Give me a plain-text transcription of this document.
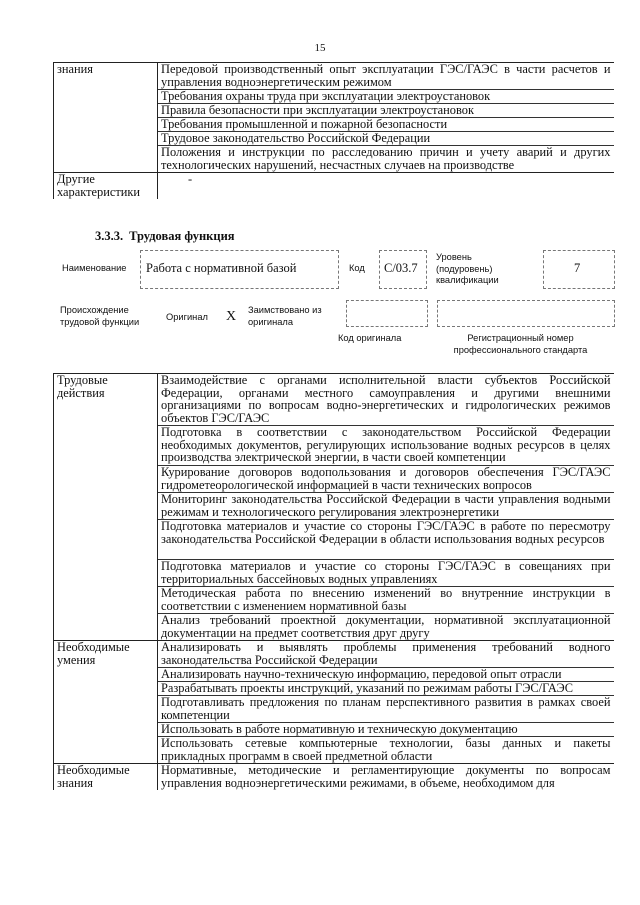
15
знания	Передовой производственный опыт эксплуатации ГЭС/ГАЭС в части расчетов и управления водноэнергетическим режимом
	Требования охраны труда при эксплуатации электроустановок
	Правила безопасности при эксплуатации электроустановок
	Требования промышленной и пожарной безопасности
	Трудовое законодательство Российской Федерации
	Положения и инструкции по расследованию причин и учету аварий и других технологических нарушений, несчастных случаев на производстве
Другие характеристики	-
3.3.3. Трудовая функция
Наименование Работа с нормативной базой	Код С/03.7
Уровень (подуровень) квалификации
7
Происхождение трудовой функции	Оригинал X Заимствовано из оригинала
Код оригинала	Регистрационный номер профессионального стандарта
Трудовые действия	Взаимодействие с органами исполнительной власти субъектов Российской Федерации, органами местного самоуправления и другими внешними организациями по вопросам водно-энергетических и гидрологических режимов объектов ГЭС/ГАЭС
	Подготовка в соответствии с законодательством Российской Федерации необходимых документов, регулирующих использование водных ресурсов в целях производства электрической энергии, в части своей компетенции
	Курирование договоров водопользования и договоров обеспечения ГЭС/ГАЭС гидрометеорологической информацией в части технических вопросов
	Мониторинг законодательства Российской Федерации в части управления водными режимам и технологического регулирования электроэнергетики
	Подготовка материалов и участие со стороны ГЭС/ГАЭС в работе по пересмотру законодательства Российской Федерации в области использования водных ресурсов
	Подготовка материалов и участие со стороны ГЭС/ГАЭС в совещаниях при территориальных бассейновых водных управлениях
	Методическая работа по внесению изменений во внутренние инструкции в соответствии с изменением нормативной базы
	Анализ требований проектной документации, нормативной эксплуатационной документации на предмет соответствия друг другу
Необходимые умения	Анализировать и выявлять проблемы применения требований водного законодательства Российской Федерации
	Анализировать научно-техническую информацию, передовой опыт отрасли
	Разрабатывать проекты инструкций, указаний по режимам работы ГЭС/ГАЭС
	Подготавливать предложения по планам перспективного развития в рамках своей компетенции
	Использовать в работе нормативную и техническую документацию
	Использовать сетевые компьютерные технологии, базы данных и пакеты прикладных программ в своей предметной области
Необходимые знания	Нормативные, методические и регламентирующие документы по вопросам управления водноэнергетическими режимами, в объеме, необходимом для
